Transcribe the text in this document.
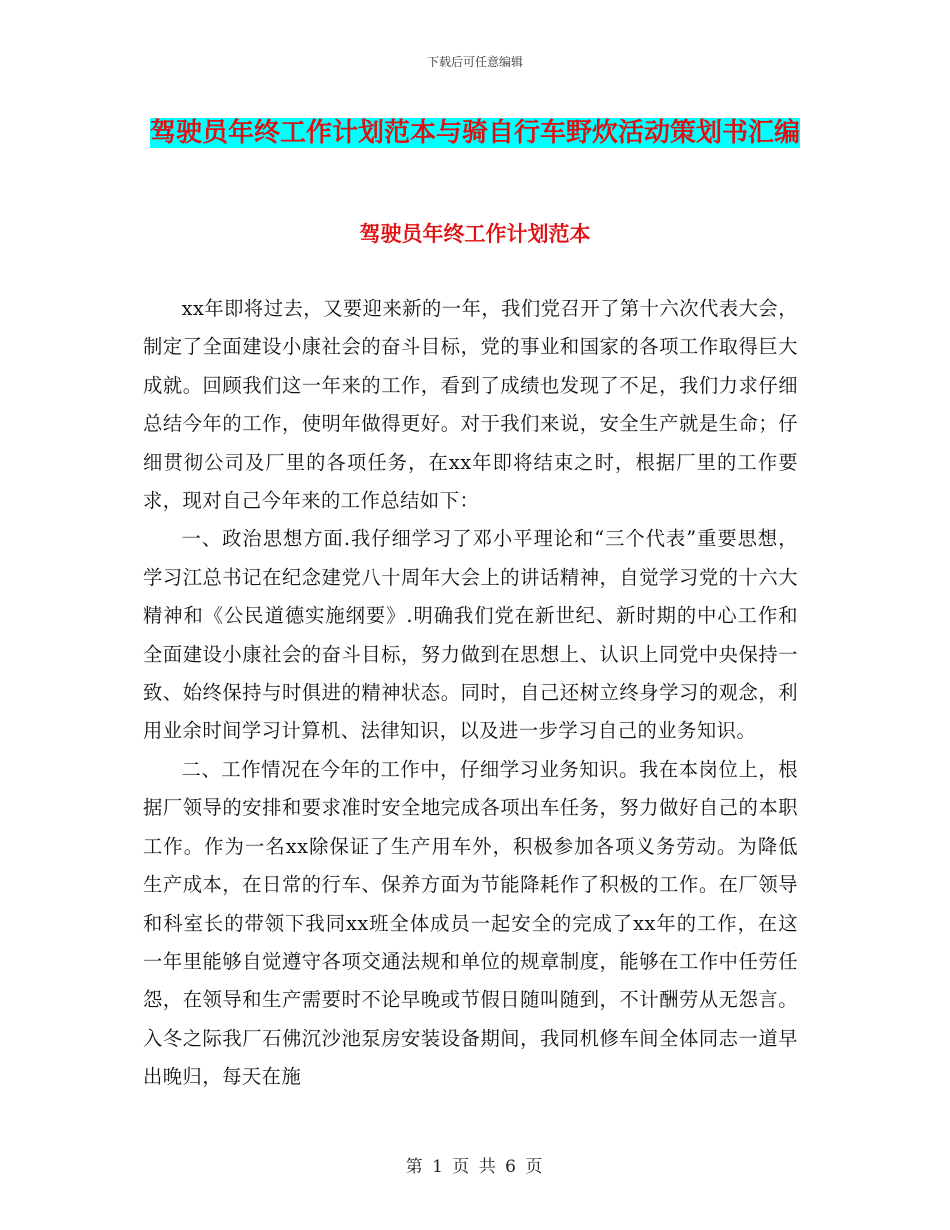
下载后可任意编辑
驾驶员年终工作计划范本与骑自行车野炊活动策划书汇编
驾驶员年终工作计划范本

xx年即将过去，又要迎来新的一年，我们党召开了第十六次代表大会，制定了全面建设小康社会的奋斗目标，党的事业和国家的各项工作取得巨大成就。回顾我们这一年来的工作，看到了成绩也发现了不足，我们力求仔细总结今年的工作，使明年做得更好。对于我们来说，安全生产就是生命；仔细贯彻公司及厂里的各项任务，在xx年即将结束之时，根据厂里的工作要求，现对自己今年来的工作总结如下：

一、政治思想方面.我仔细学习了邓小平理论和“三个代表”重要思想，学习江总书记在纪念建党八十周年大会上的讲话精神，自觉学习党的十六大精神和《公民道德实施纲要》.明确我们党在新世纪、新时期的中心工作和全面建设小康社会的奋斗目标，努力做到在思想上、认识上同党中央保持一致、始终保持与时俱进的精神状态。同时，自己还树立终身学习的观念，利用业余时间学习计算机、法律知识，以及进一步学习自己的业务知识。

二、工作情况在今年的工作中，仔细学习业务知识。我在本岗位上，根据厂领导的安排和要求准时安全地完成各项出车任务，努力做好自己的本职工作。作为一名xx除保证了生产用车外，积极参加各项义务劳动。为降低生产成本，在日常的行车、保养方面为节能降耗作了积极的工作。在厂领导和科室长的带领下我同xx班全体成员一起安全的完成了xx年的工作，在这一年里能够自觉遵守各项交通法规和单位的规章制度，能够在工作中任劳任怨，在领导和生产需要时不论早晚或节假日随叫随到，不计酬劳从无怨言。入冬之际我厂石佛沉沙池泵房安装设备期间，我同机修车间全体同志一道早出晚归，每天在施

第 1 页 共 6 页
